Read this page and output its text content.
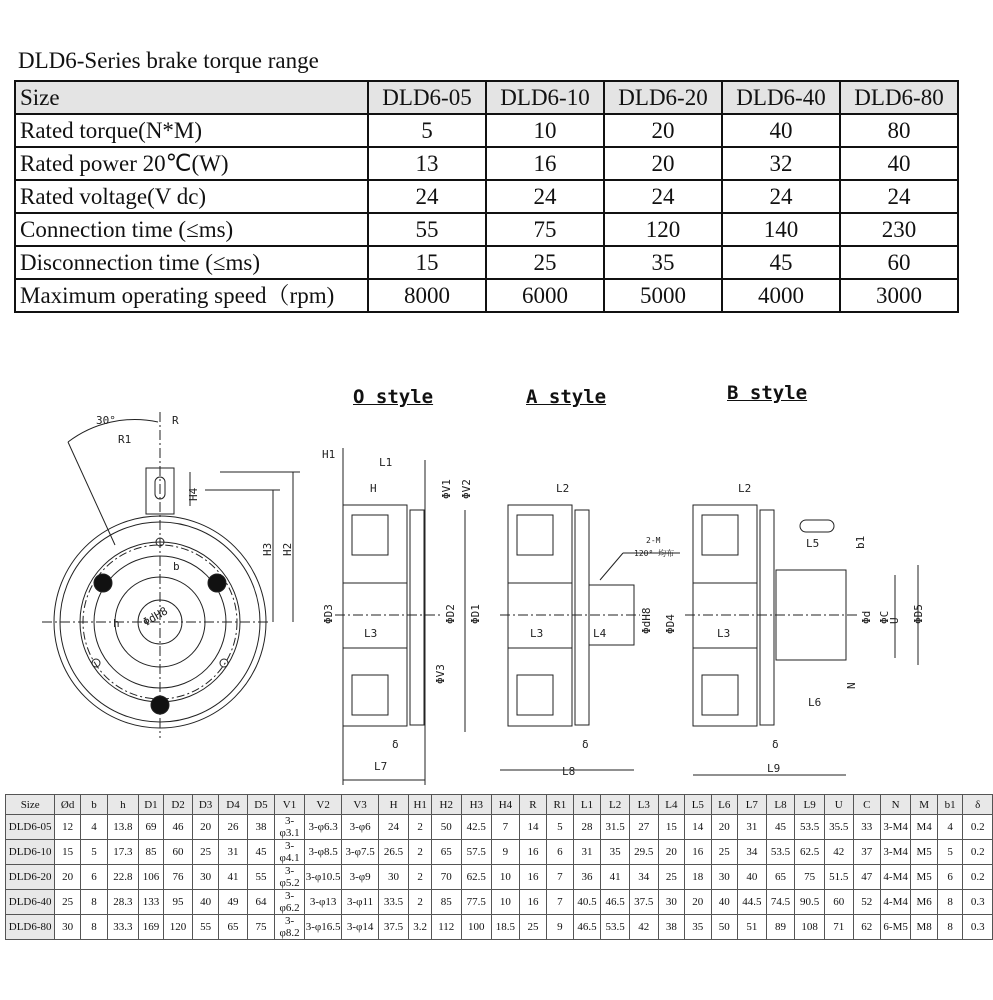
DLD6-Series brake torque range
Size	DLD6-05	DLD6-10	DLD6-20	DLD6-40	DLD6-80
Rated torque(N*M)	5	10	20	40	80
Rated power 20℃(W)	13	16	20	32	40
Rated voltage(V dc)	24	24	24	24	24
Connection time (≤ms)	55	75	120	140	230
Disconnection time (≤ms)	15	25	35	45	60
Maximum operating speed（rpm)	8000	6000	5000	4000	3000
O style	A style	B style
30°	R
R1
H4
H3 H2
b
h ΦdH8
H1
L1
H	ΦV1 ΦV2
ΦD3
L3
ΦD2 ΦD1
ΦV3
δ
L7
L2
L3	L4
2-M
120° 均布
ΦdH8 ΦD4
δ
L8
L2
L5	b1
L3
Φd ΦC
U ΦD5
N
L6
δ
L9
Size	Ød	b	h	D1	D2	D3	D4	D5	V1	V2	V3	H	H1	H2	H3	H4	R	R1	L1	L2	L3	L4	L5	L6	L7	L8	L9	U	C	N	M	b1	δ
DLD6-05	12	4	13.8	69	46	20	26	38	3-φ3.1	3-φ6.3	3-φ6	24	2	50	42.5	7	14	5	28	31.5	27	15	14	20	31	45	53.5	35.5	33	3-M4	M4	4	0.2
DLD6-10	15	5	17.3	85	60	25	31	45	3-φ4.1	3-φ8.5	3-φ7.5	26.5	2	65	57.5	9	16	6	31	35	29.5	20	16	25	34	53.5	62.5	42	37	3-M4	M5	5	0.2
DLD6-20	20	6	22.8	106	76	30	41	55	3-φ5.2	3-φ10.5	3-φ9	30	2	70	62.5	10	16	7	36	41	34	25	18	30	40	65	75	51.5	47	4-M4	M5	6	0.2
DLD6-40	25	8	28.3	133	95	40	49	64	3-φ6.2	3-φ13	3-φ11	33.5	2	85	77.5	10	16	7	40.5	46.5	37.5	30	20	40	44.5	74.5	90.5	60	52	4-M4	M6	8	0.3
DLD6-80	30	8	33.3	169	120	55	65	75	3-φ8.2	3-φ16.5	3-φ14	37.5	3.2	112	100	18.5	25	9	46.5	53.5	42	38	35	50	51	89	108	71	62	6-M5	M8	8	0.3
